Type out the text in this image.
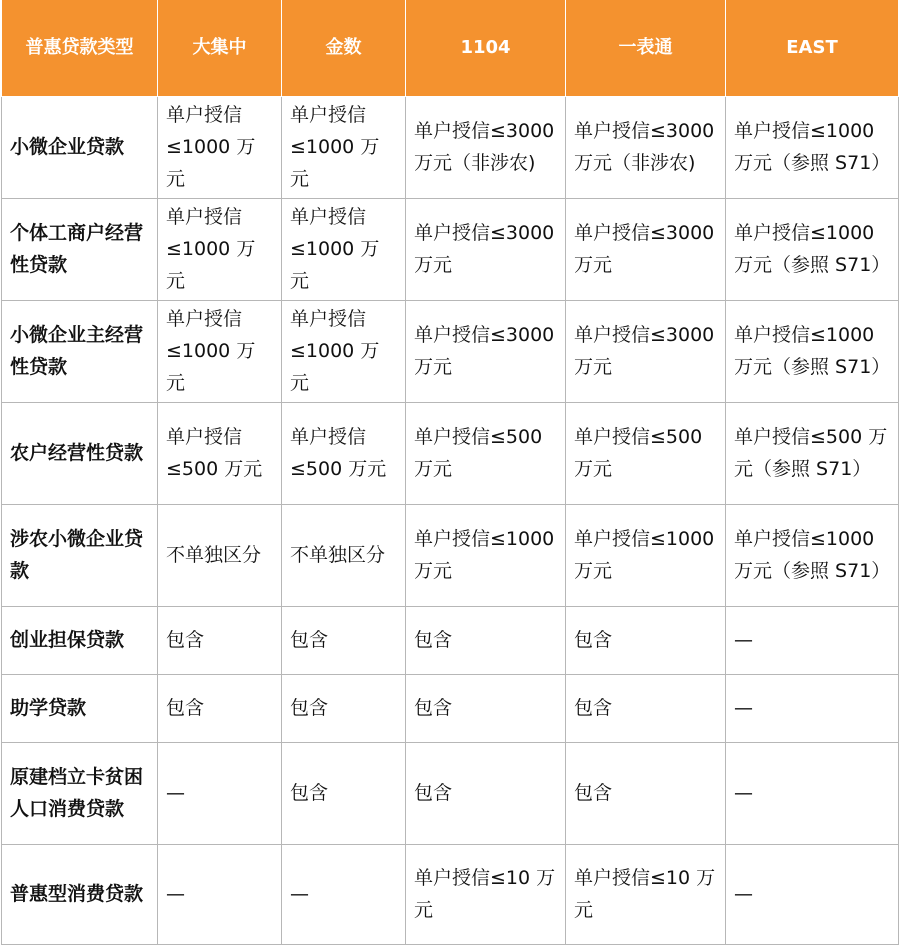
普惠贷款类型	大集中	金数	1104	一表通	EAST
小微企业贷款	单户授信≤1000 万元	单户授信≤1000 万元	单户授信≤3000 万元（非涉农)	单户授信≤3000 万元（非涉农)	单户授信≤1000 万元（参照 S71）
个体工商户经营性贷款	单户授信≤1000 万元	单户授信≤1000 万元	单户授信≤3000 万元	单户授信≤3000 万元	单户授信≤1000 万元（参照 S71）
小微企业主经营性贷款	单户授信≤1000 万元	单户授信≤1000 万元	单户授信≤3000 万元	单户授信≤3000 万元	单户授信≤1000 万元（参照 S71）
农户经营性贷款	单户授信≤500 万元	单户授信≤500 万元	单户授信≤500 万元	单户授信≤500 万元	单户授信≤500 万元（参照 S71）
涉农小微企业贷款	不单独区分	不单独区分	单户授信≤1000 万元	单户授信≤1000 万元	单户授信≤1000 万元（参照 S71）
创业担保贷款	包含	包含	包含	包含	—
助学贷款	包含	包含	包含	包含	—
原建档立卡贫困人口消费贷款	—	包含	包含	包含	—
普惠型消费贷款	—	—	单户授信≤10 万元	单户授信≤10 万元	—
